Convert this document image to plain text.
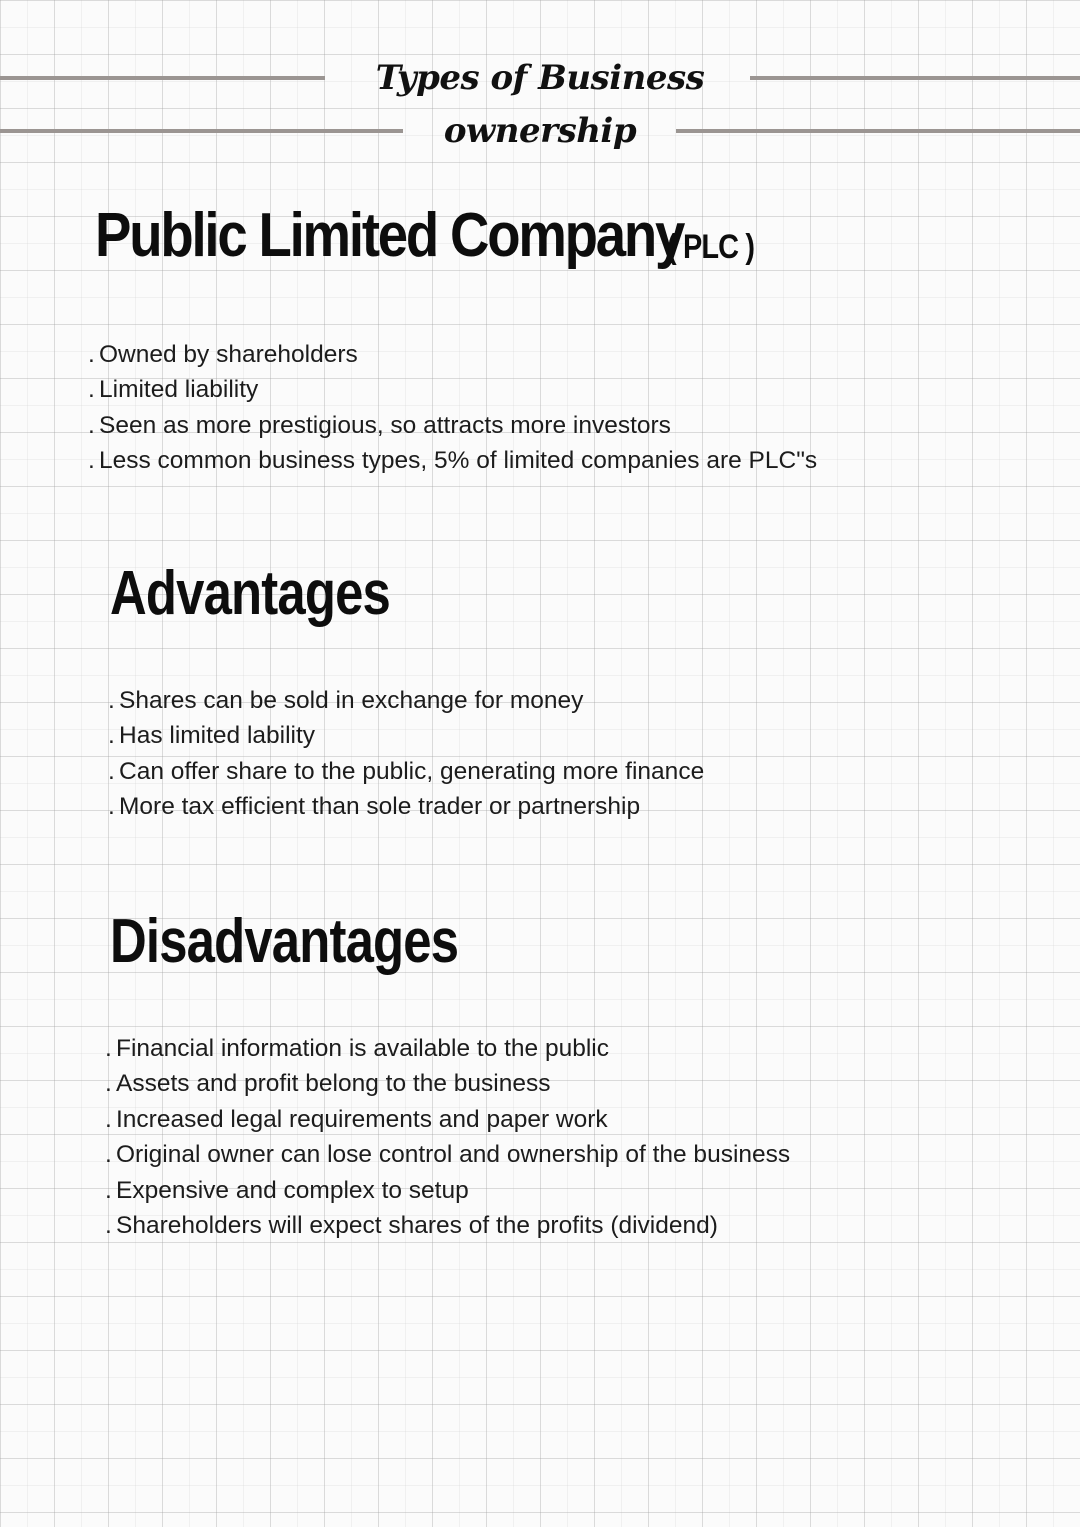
Types of Business
ownership
Public Limited Company
( PLC )
. Owned by shareholders
. Limited liability
. Seen as more prestigious, so attracts more investors
. Less common business types, 5% of limited companies are PLC"s
Advantages
. Shares can be sold in exchange for money
. Has limited lability
. Can offer share to the public, generating more finance
. More tax efficient than sole trader or partnership
Disadvantages
. Financial information is available to the public
. Assets and profit belong to the business
. Increased legal requirements and paper work
. Original owner can lose control and ownership of the business
. Expensive and complex to setup
. Shareholders will expect shares of the profits (dividend)
